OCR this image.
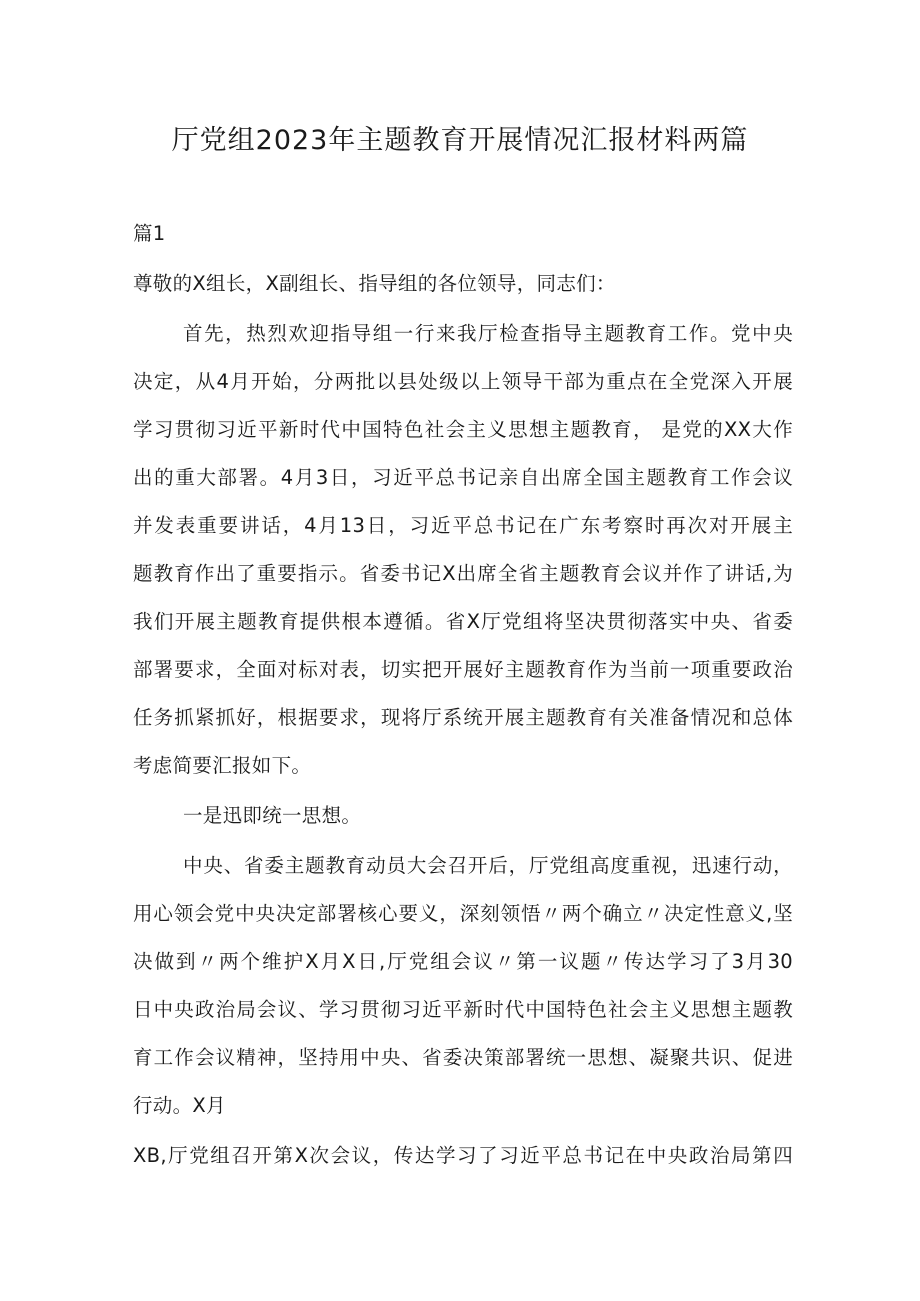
厅党组2023年主题教育开展情况汇报材料两篇
篇1
尊敬的X组长，X副组长、指导组的各位领导，同志们：
首先，热烈欢迎指导组一行来我厅检查指导主题教育工作。党中央
决定，从4月开始，分两批以县处级以上领导干部为重点在全党深入开展
学习贯彻习近平新时代中国特色社会主义思想主题教育， 是党的XX大作
出的重大部署。4月3日，习近平总书记亲自出席全国主题教育工作会议
并发表重要讲话，4月13日，习近平总书记在广东考察时再次对开展主
题教育作出了重要指示。省委书记X出席全省主题教育会议并作了讲话,为
我们开展主题教育提供根本遵循。省X厅党组将坚决贯彻落实中央、省委
部署要求，全面对标对表，切实把开展好主题教育作为当前一项重要政治
任务抓紧抓好，根据要求，现将厅系统开展主题教育有关准备情况和总体
考虑简要汇报如下。
一是迅即统一思想。
中央、省委主题教育动员大会召开后，厅党组高度重视，迅速行动，
用心领会党中央决定部署核心要义，深刻领悟〃两个确立〃决定性意义,坚
决做到〃两个维护X月X日,厅党组会议〃第一议题〃传达学习了3月30
日中央政治局会议、学习贯彻习近平新时代中国特色社会主义思想主题教
育工作会议精神，坚持用中央、省委决策部署统一思想、凝聚共识、促进
行动。X月
XB,厅党组召开第X次会议，传达学习了习近平总书记在中央政治局第四
